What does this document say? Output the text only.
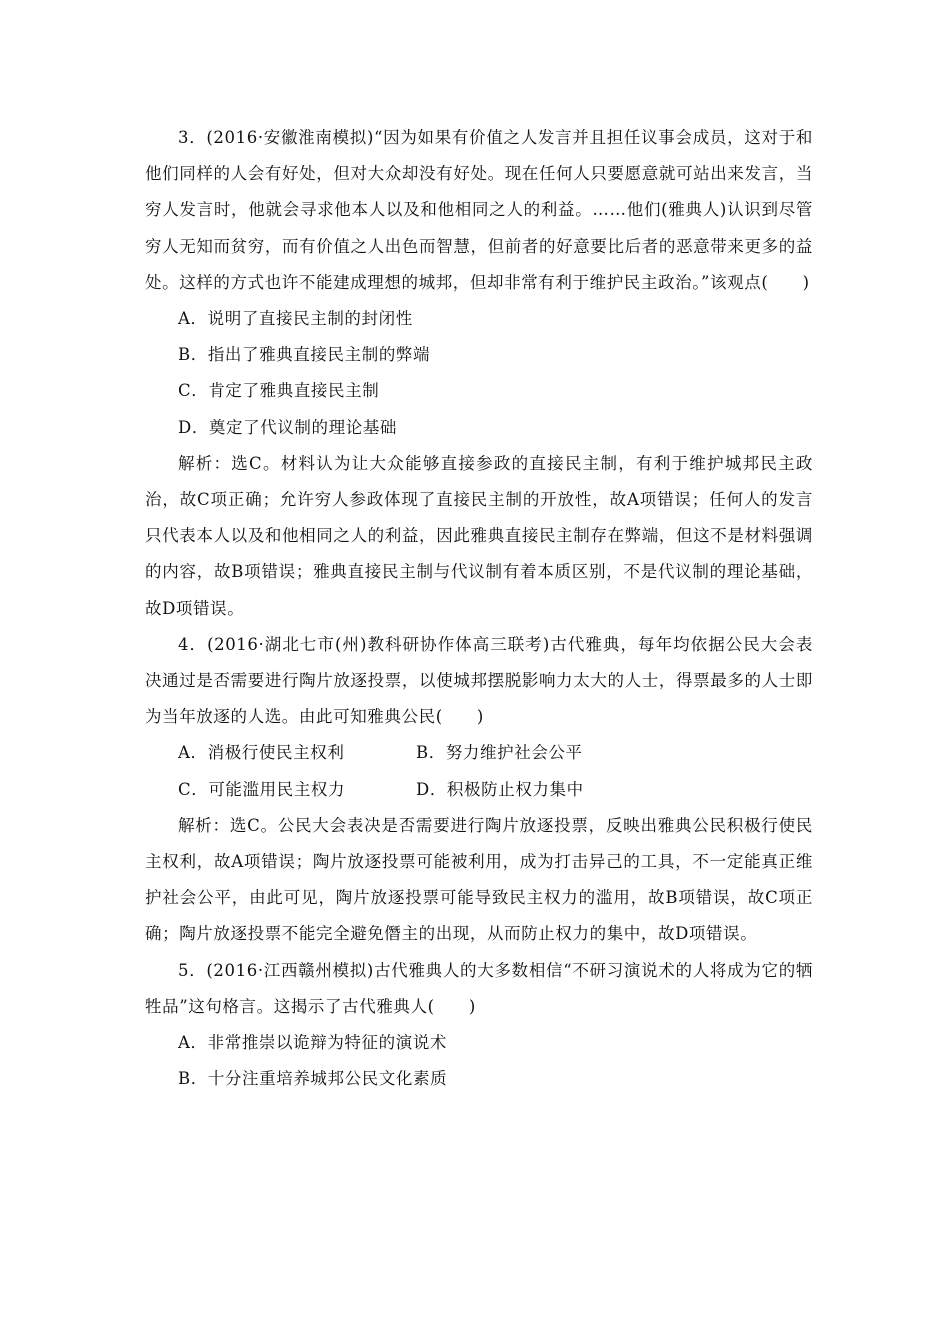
3．(2016·安徽淮南模拟)“因为如果有价值之人发言并且担任议事会成员，这对于和他们同样的人会有好处，但对大众却没有好处。现在任何人只要愿意就可站出来发言，当穷人发言时，他就会寻求他本人以及和他相同之人的利益。……他们(雅典人)认识到尽管穷人无知而贫穷，而有价值之人出色而智慧，但前者的好意要比后者的恶意带来更多的益处。这样的方式也许不能建成理想的城邦，但却非常有利于维护民主政治。”该观点(　　)

A．说明了直接民主制的封闭性

B．指出了雅典直接民主制的弊端

C．肯定了雅典直接民主制

D．奠定了代议制的理论基础

解析：选C。材料认为让大众能够直接参政的直接民主制，有利于维护城邦民主政治，故C项正确；允许穷人参政体现了直接民主制的开放性，故A项错误；任何人的发言只代表本人以及和他相同之人的利益，因此雅典直接民主制存在弊端，但这不是材料强调的内容，故B项错误；雅典直接民主制与代议制有着本质区别，不是代议制的理论基础，故D项错误。

4．(2016·湖北七市(州)教科研协作体高三联考)古代雅典，每年均依据公民大会表决通过是否需要进行陶片放逐投票，以使城邦摆脱影响力太大的人士，得票最多的人士即为当年放逐的人选。由此可知雅典公民(　　)

A．消极行使民主权利	B．努力维护社会公平
C．可能滥用民主权力	D．积极防止权力集中

解析：选C。公民大会表决是否需要进行陶片放逐投票，反映出雅典公民积极行使民主权利，故A项错误；陶片放逐投票可能被利用，成为打击异己的工具，不一定能真正维护社会公平，由此可见，陶片放逐投票可能导致民主权力的滥用，故B项错误，故C项正确；陶片放逐投票不能完全避免僭主的出现，从而防止权力的集中，故D项错误。

5．(2016·江西赣州模拟)古代雅典人的大多数相信“不研习演说术的人将成为它的牺牲品”这句格言。这揭示了古代雅典人(　　)

A．非常推崇以诡辩为特征的演说术

B．十分注重培养城邦公民文化素质
